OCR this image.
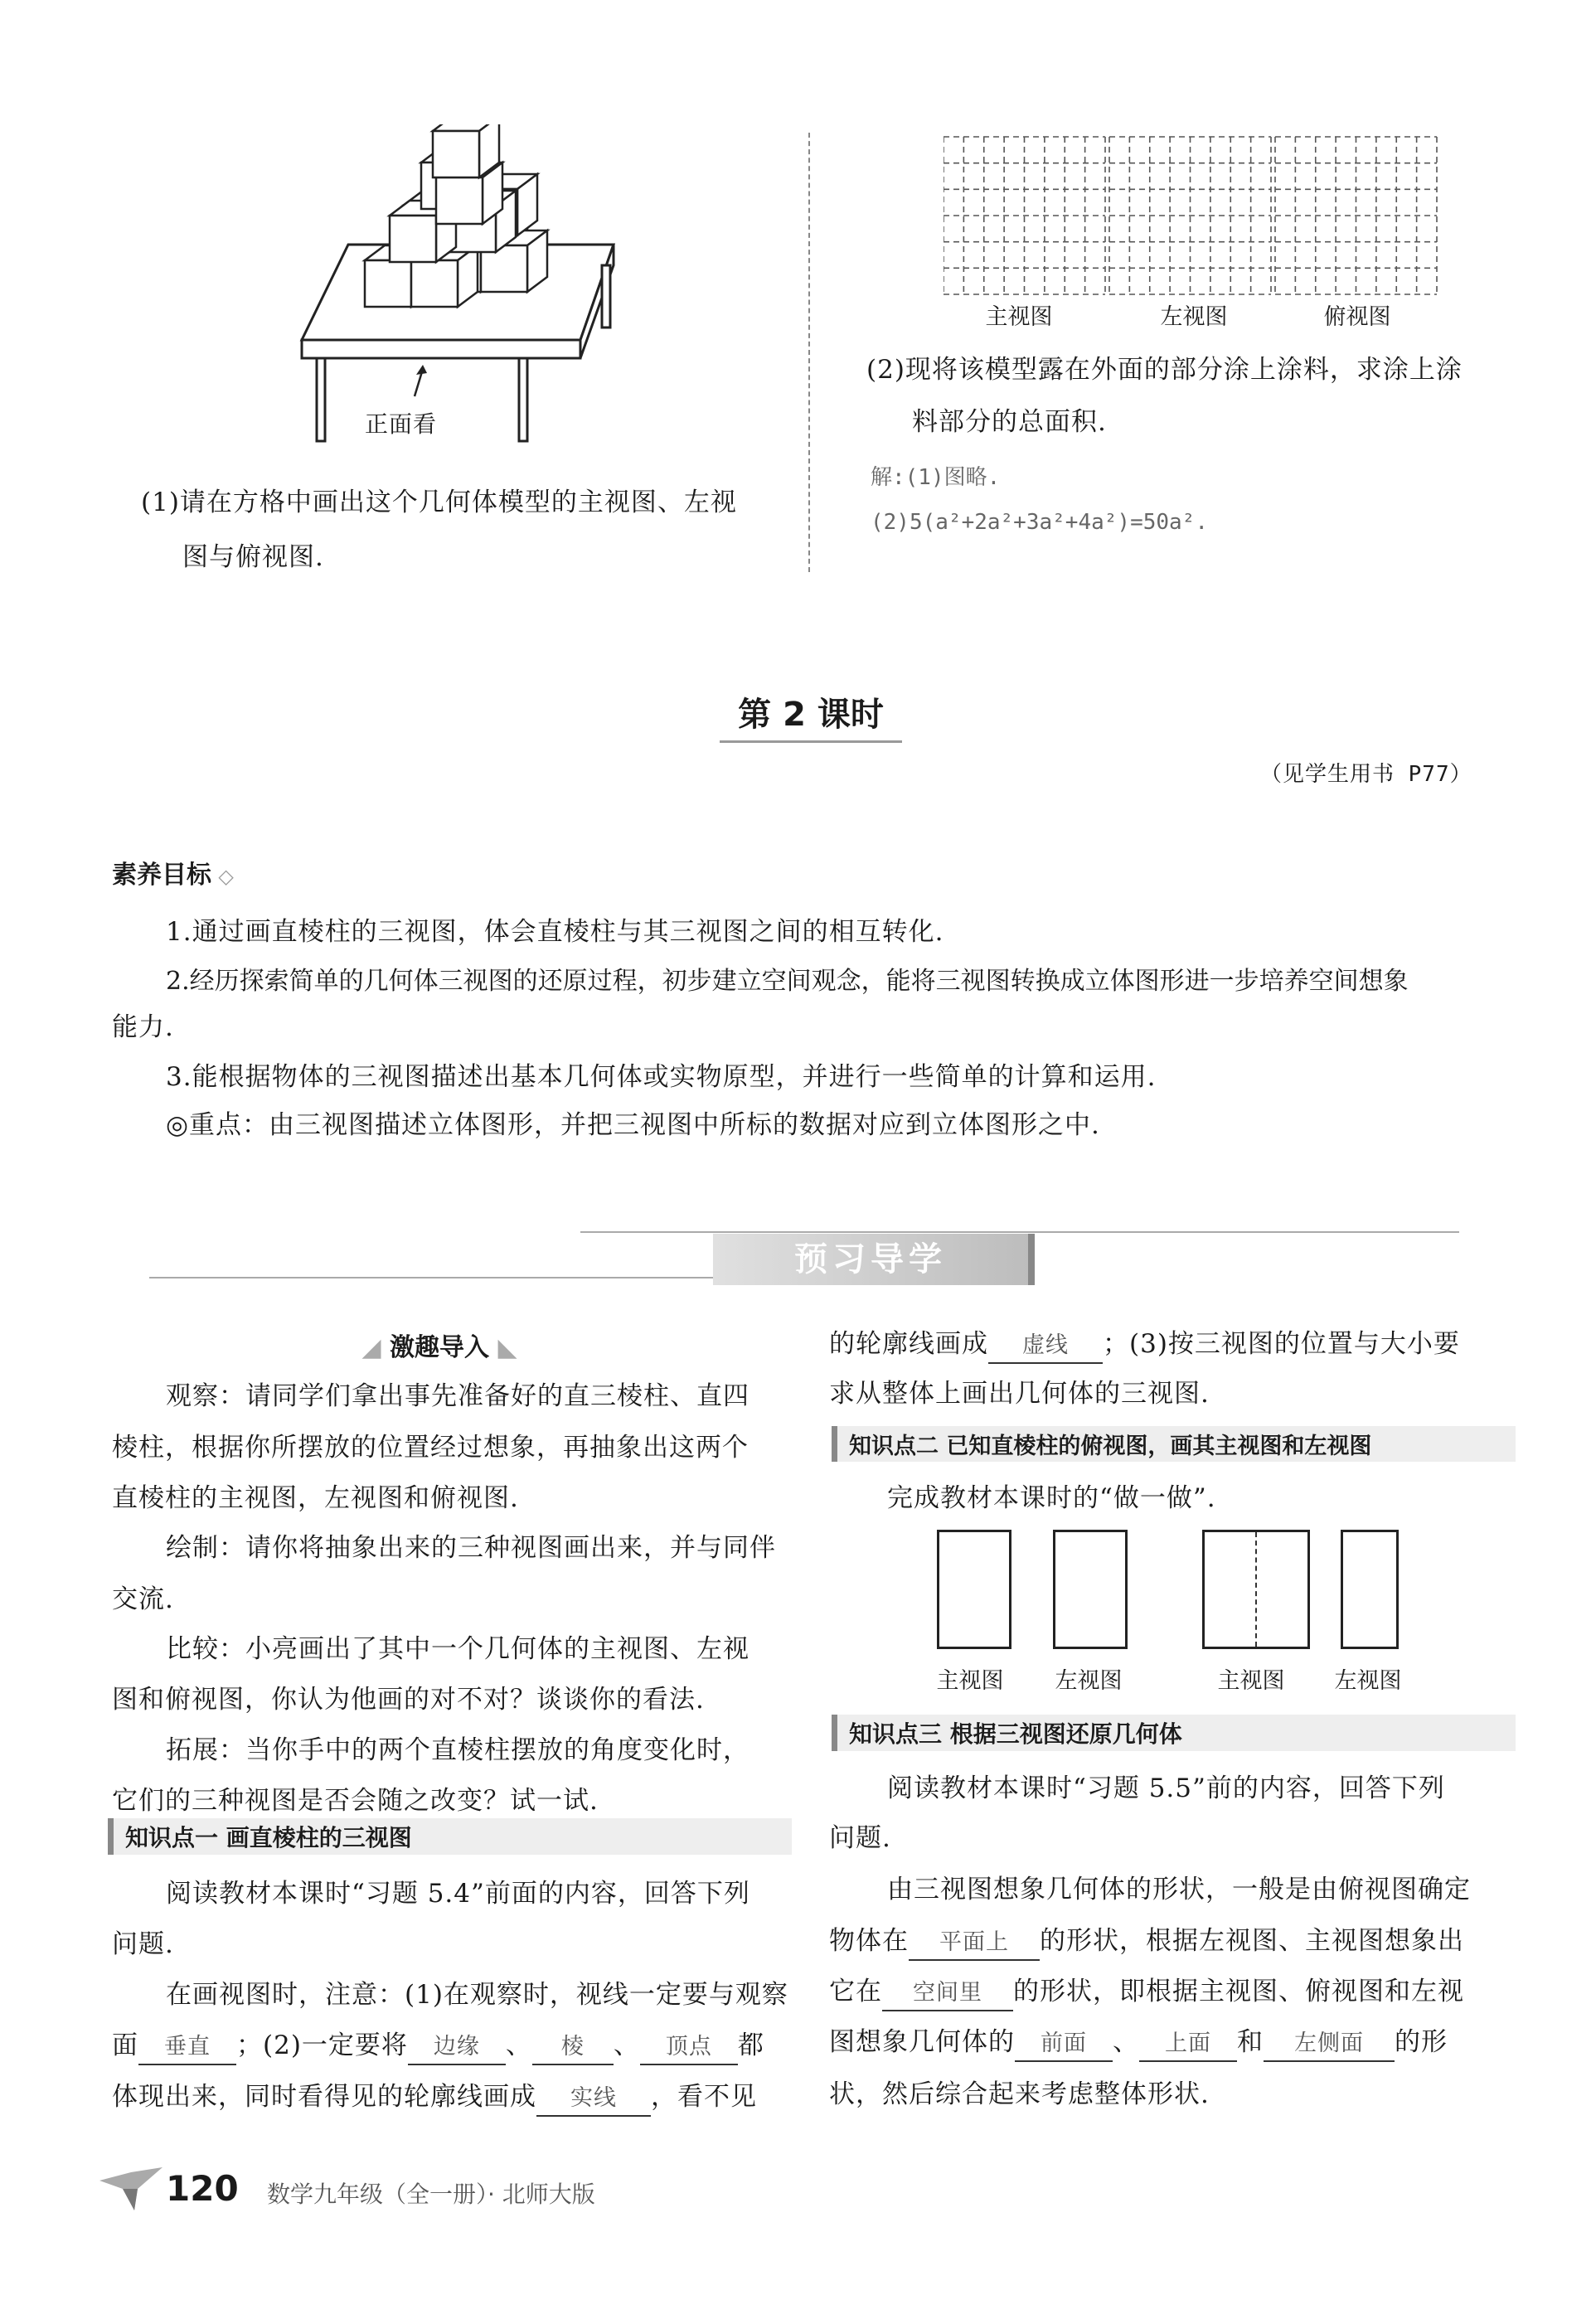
正面看
(1)请在方格中画出这个几何体模型的主视图、左视
图与俯视图.
主视图	左视图	俯视图
(2)现将该模型露在外面的部分涂上涂料，求涂上涂
料部分的总面积.
解:(1)图略.
(2)5(a²+2a²+3a²+4a²)=50a².
第 2 课时
（见学生用书 P77）
素养目标 ◇
1.通过画直棱柱的三视图，体会直棱柱与其三视图之间的相互转化.
2.经历探索简单的几何体三视图的还原过程，初步建立空间观念，能将三视图转换成立体图形进一步培养空间想象
能力.
3.能根据物体的三视图描述出基本几何体或实物原型，并进行一些简单的计算和运用.
◎重点：由三视图描述立体图形，并把三视图中所标的数据对应到立体图形之中.
预习导学
◢ 激趣导入 ◣
观察：请同学们拿出事先准备好的直三棱柱、直四
棱柱，根据你所摆放的位置经过想象，再抽象出这两个
直棱柱的主视图，左视图和俯视图.
绘制：请你将抽象出来的三种视图画出来，并与同伴
交流.
比较：小亮画出了其中一个几何体的主视图、左视
图和俯视图，你认为他画的对不对？谈谈你的看法.
拓展：当你手中的两个直棱柱摆放的角度变化时，
它们的三种视图是否会随之改变？试一试.
知识点一 画直棱柱的三视图
阅读教材本课时“习题 5.4”前面的内容，回答下列
问题.
在画视图时，注意：(1)在观察时，视线一定要与观察
面 垂直 ；(2)一定要将 边缘 、 棱 、 顶点 都
体现出来，同时看得见的轮廓线画成 实线 ，看不见
的轮廓线画成 虚线 ；(3)按三视图的位置与大小要
求从整体上画出几何体的三视图.
知识点二 已知直棱柱的俯视图，画其主视图和左视图
完成教材本课时的“做一做”.
主视图	左视图	主视图	左视图
知识点三 根据三视图还原几何体
阅读教材本课时“习题 5.5”前的内容，回答下列
问题.
由三视图想象几何体的形状，一般是由俯视图确定
物体在 平面上 的形状，根据左视图、主视图想象出
它在 空间里 的形状，即根据主视图、俯视图和左视
图想象几何体的 前面 、 上面 和 左侧面 的形
状，然后综合起来考虑整体形状.
120 数学九年级（全一册）· 北师大版
